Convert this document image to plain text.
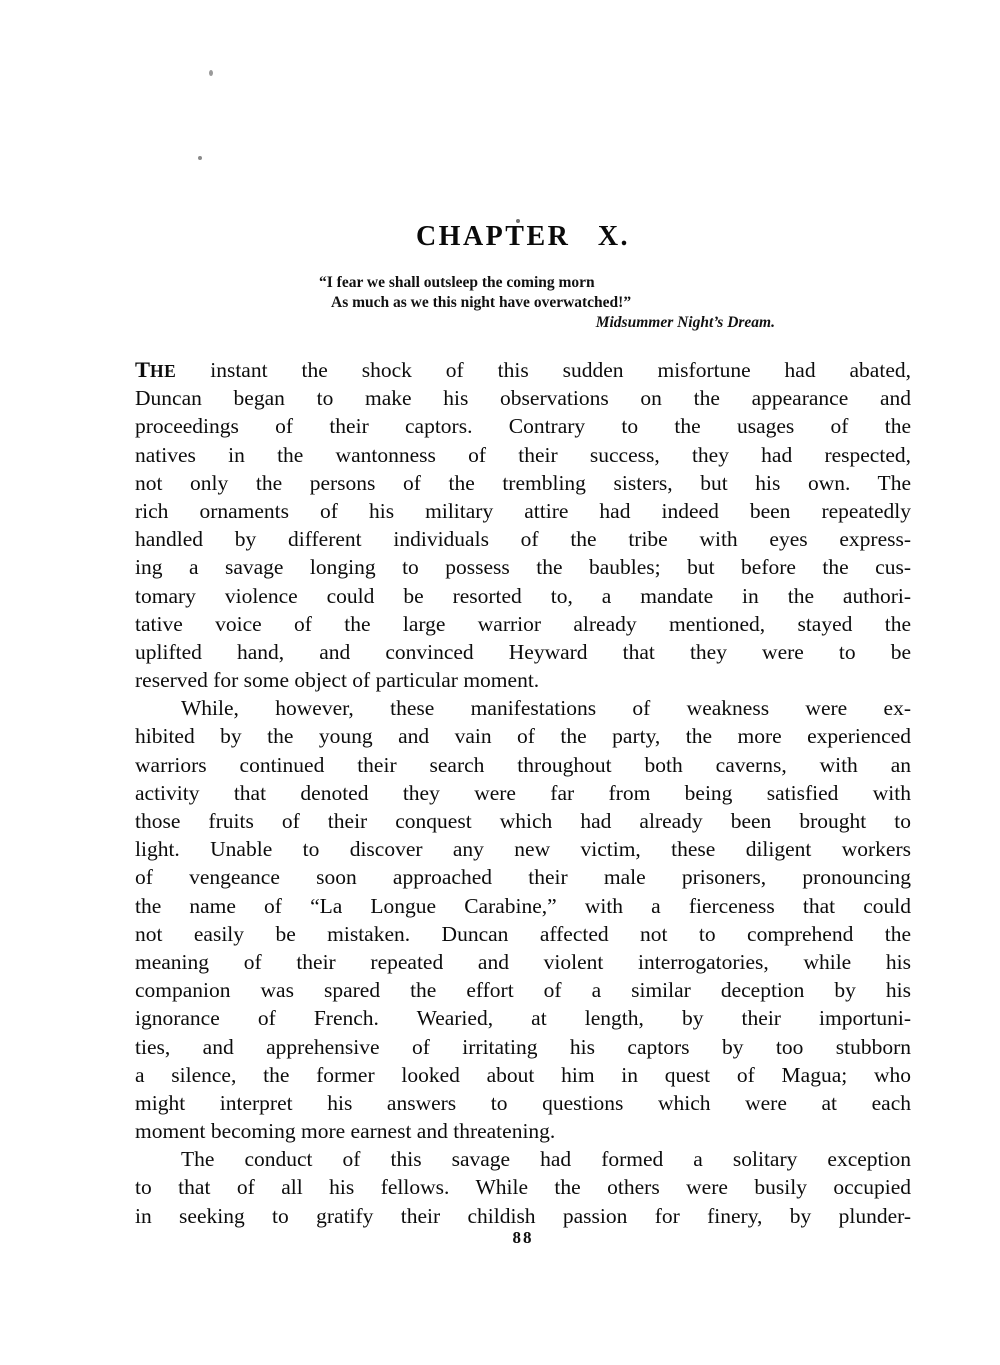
CHAPTER X.
“I fear we shall outsleep the coming morn
As much as we this night have overwatched!”
Midsummer Night’s Dream.
THE instant the shock of this sudden misfortune had abated,
Duncan began to make his observations on the appearance and
proceedings of their captors. Contrary to the usages of the
natives in the wantonness of their success, they had respected,
not only the persons of the trembling sisters, but his own. The
rich ornaments of his military attire had indeed been repeatedly
handled by different individuals of the tribe with eyes express-
ing a savage longing to possess the baubles; but before the cus-
tomary violence could be resorted to, a mandate in the authori-
tative voice of the large warrior already mentioned, stayed the
uplifted hand, and convinced Heyward that they were to be
reserved for some object of particular moment.
While, however, these manifestations of weakness were ex-
hibited by the young and vain of the party, the more experienced
warriors continued their search throughout both caverns, with an
activity that denoted they were far from being satisfied with
those fruits of their conquest which had already been brought to
light. Unable to discover any new victim, these diligent workers
of vengeance soon approached their male prisoners, pronouncing
the name of “La Longue Carabine,” with a fierceness that could
not easily be mistaken. Duncan affected not to comprehend the
meaning of their repeated and violent interrogatories, while his
companion was spared the effort of a similar deception by his
ignorance of French. Wearied, at length, by their importuni-
ties, and apprehensive of irritating his captors by too stubborn
a silence, the former looked about him in quest of Magua; who
might interpret his answers to questions which were at each
moment becoming more earnest and threatening.
The conduct of this savage had formed a solitary exception
to that of all his fellows. While the others were busily occupied
in seeking to gratify their childish passion for finery, by plunder-
88
